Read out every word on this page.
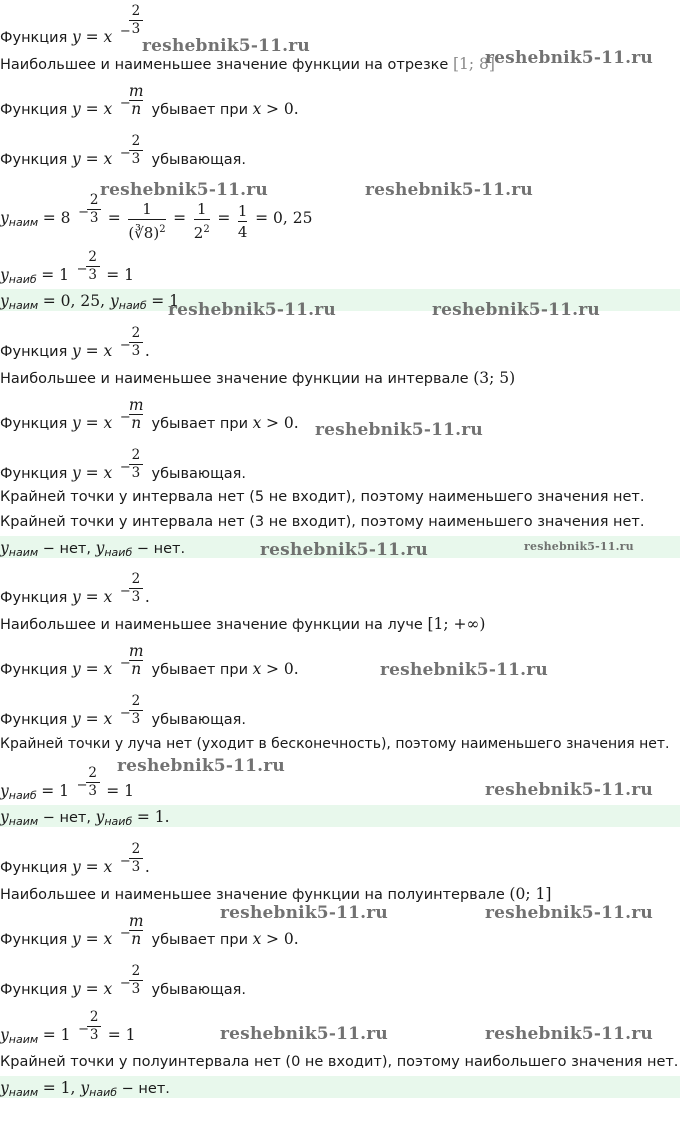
Функция y = x −
2
3
Наибольшее и наименьшее значение функции на отрезке [1; 8]
Функция y = x −
m
n убывает при x > 0.
Функция y = x −
2
3 убывающая.
$y_{наим} = 8$ −
2
$3 = \frac{1}{(∛8)^2} = \frac{1}{2^2} = \frac{1}{4} = 0$, 25
$y_{наиб} = 1$ −
2
3 = 1
$y_{наим} = 0$, 25, $y_{наиб} = 1$
Функция y = x −
2
3 .
Наибольшее и наименьшее значение функции на интервале (3; 5)
Функция y = x −
m
n убывает при x > 0.
Функция y = x −
2
3 убывающая.
Крайней точки у интервала нет (5 не входит), поэтому наименьшего значения нет.
Крайней точки у интервала нет (3 не входит), поэтому наименьшего значения нет.
$y_{наим}$ − нет, $y_{наиб}$ − нет.
Функция y = x −
2
3 .
Наибольшее и наименьшее значение функции на луче [1; +∞)
Функция y = x −
m
n убывает при x > 0.
Функция y = x −
2
3 убывающая.
Крайней точки у луча нет (уходит в бесконечность), поэтому наименьшего значения нет.
$y_{наиб} = 1$ −
2
3 = 1
$y_{наим}$ − нет, $y_{наиб} = 1$.
Функция y = x −
2
3 .
Наибольшее и наименьшее значение функции на полуинтервале (0; 1]
Функция y = x −
m
n убывает при x > 0.
Функция y = x −
2
3 убывающая.
$y_{наим} = 1$ −
2
3 = 1
Крайней точки у полуинтервала нет (0 не входит), поэтому наибольшего значения нет.
$y_{наим} = 1$, $y_{наиб}$ − нет.
reshebnik5-11.ru
reshebnik5-11.ru
reshebnik5-11.ru	reshebnik5-11.ru
reshebnik5-11.ru	reshebnik5-11.ru
reshebnik5-11.ru
reshebnik5-11.ru	reshebnik5-11.ru
reshebnik5-11.ru
reshebnik5-11.ru
reshebnik5-11.ru
reshebnik5-11.ru	reshebnik5-11.ru
reshebnik5-11.ru	reshebnik5-11.ru
